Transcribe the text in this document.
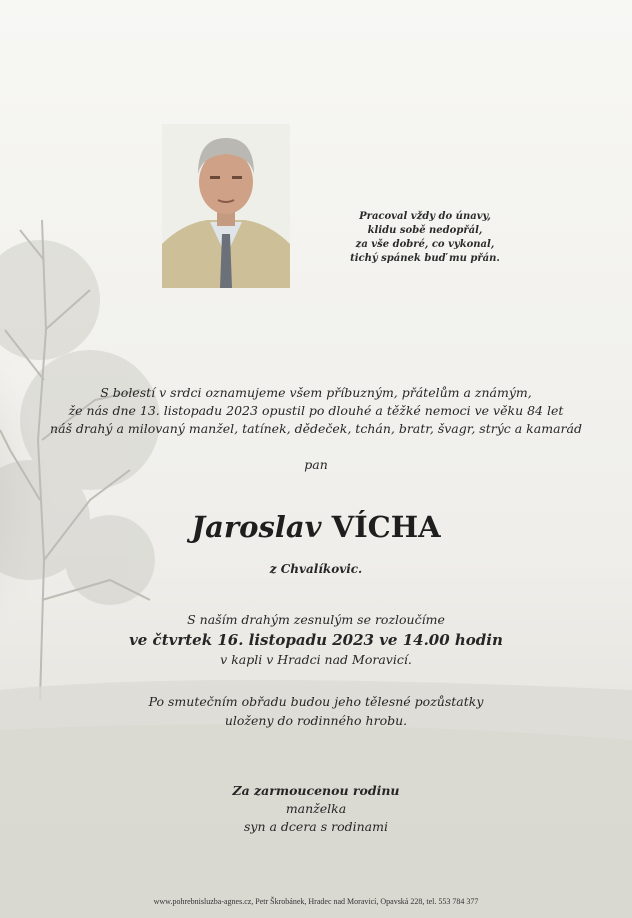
Pracoval vždy do únavy,
klidu sobě nedopřál,
za vše dobré, co vykonal,
tichý spánek buď mu přán.
S bolestí v srdci oznamujeme všem příbuzným, přátelům a známým,
že nás dne 13. listopadu 2023 opustil po dlouhé a těžké nemoci ve věku 84 let
náš drahý a milovaný manžel, tatínek, dědeček, tchán, bratr, švagr, strýc a kamarád
pan
Jaroslav VÍCHA
z Chvalíkovic.
S naším drahým zesnulým se rozloučíme
ve čtvrtek 16. listopadu 2023 ve 14.00 hodin
v kapli v Hradci nad Moravicí.
Po smutečním obřadu budou jeho tělesné pozůstatky
uloženy do rodinného hrobu.
Za zarmoucenou rodinu
manželka
syn a dcera s rodinami
www.pohrebnisluzba-agnes.cz, Petr Škrobánek, Hradec nad Moravicí, Opavská 228, tel. 553 784 377
